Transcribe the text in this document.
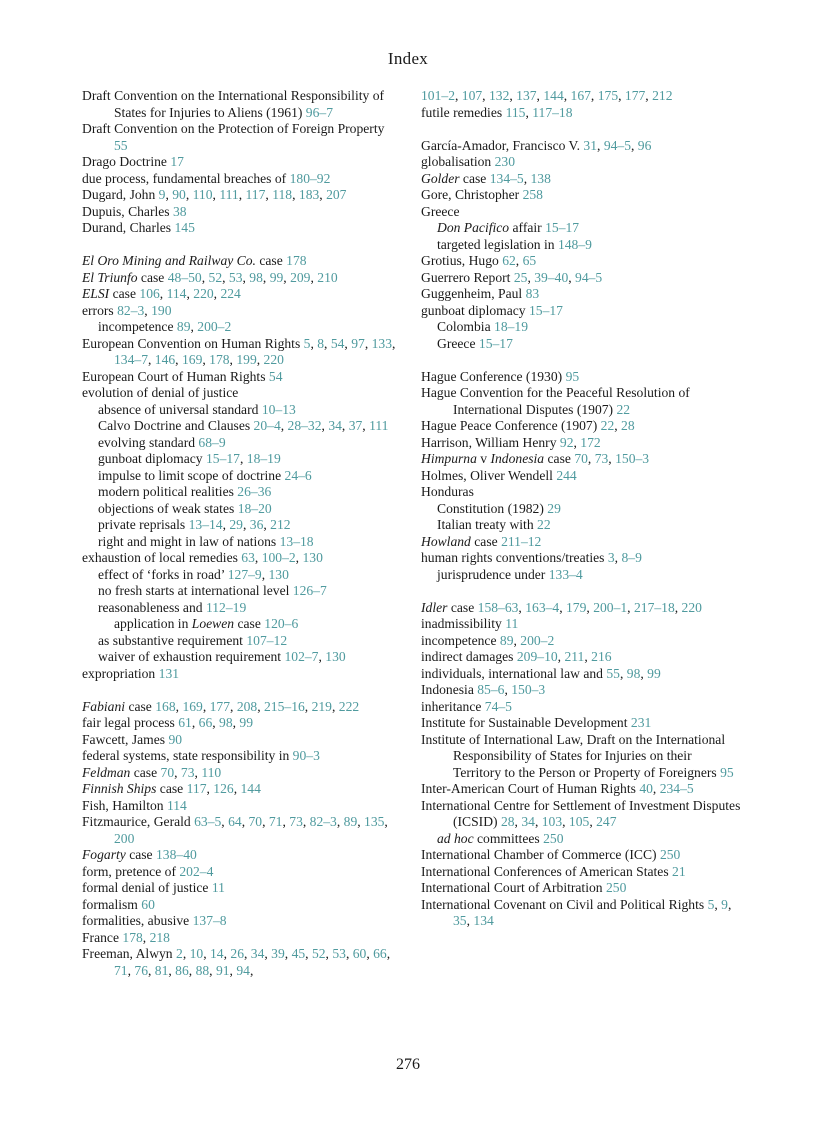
Index
Draft Convention on the International Responsibility of States for Injuries to Aliens (1961) 96–7
Draft Convention on the Protection of Foreign Property 55
Drago Doctrine 17
due process, fundamental breaches of 180–92
Dugard, John 9, 90, 110, 111, 117, 118, 183, 207
Dupuis, Charles 38
Durand, Charles 145
El Oro Mining and Railway Co. case 178
El Triunfo case 48–50, 52, 53, 98, 99, 209, 210
ELSI case 106, 114, 220, 224
errors 82–3, 190
incompetence 89, 200–2
European Convention on Human Rights 5, 8, 54, 97, 133, 134–7, 146, 169, 178, 199, 220
European Court of Human Rights 54
evolution of denial of justice
absence of universal standard 10–13
Calvo Doctrine and Clauses 20–4, 28–32, 34, 37, 111
evolving standard 68–9
gunboat diplomacy 15–17, 18–19
impulse to limit scope of doctrine 24–6
modern political realities 26–36
objections of weak states 18–20
private reprisals 13–14, 29, 36, 212
right and might in law of nations 13–18
exhaustion of local remedies 63, 100–2, 130
effect of ‘forks in road’ 127–9, 130
no fresh starts at international level 126–7
reasonableness and 112–19
application in Loewen case 120–6
as substantive requirement 107–12
waiver of exhaustion requirement 102–7, 130
expropriation 131
Fabiani case 168, 169, 177, 208, 215–16, 219, 222
fair legal process 61, 66, 98, 99
Fawcett, James 90
federal systems, state responsibility in 90–3
Feldman case 70, 73, 110
Finnish Ships case 117, 126, 144
Fish, Hamilton 114
Fitzmaurice, Gerald 63–5, 64, 70, 71, 73, 82–3, 89, 135, 200
Fogarty case 138–40
form, pretence of 202–4
formal denial of justice 11
formalism 60
formalities, abusive 137–8
France 178, 218
Freeman, Alwyn 2, 10, 14, 26, 34, 39, 45, 52, 53, 60, 66, 71, 76, 81, 86, 88, 91, 94,
101–2, 107, 132, 137, 144, 167, 175, 177, 212
futile remedies 115, 117–18
García-Amador, Francisco V. 31, 94–5, 96
globalisation 230
Golder case 134–5, 138
Gore, Christopher 258
Greece
Don Pacifico affair 15–17
targeted legislation in 148–9
Grotius, Hugo 62, 65
Guerrero Report 25, 39–40, 94–5
Guggenheim, Paul 83
gunboat diplomacy 15–17
Colombia 18–19
Greece 15–17
Hague Conference (1930) 95
Hague Convention for the Peaceful Resolution of International Disputes (1907) 22
Hague Peace Conference (1907) 22, 28
Harrison, William Henry 92, 172
Himpurna v Indonesia case 70, 73, 150–3
Holmes, Oliver Wendell 244
Honduras
Constitution (1982) 29
Italian treaty with 22
Howland case 211–12
human rights conventions/treaties 3, 8–9
jurisprudence under 133–4
Idler case 158–63, 163–4, 179, 200–1, 217–18, 220
inadmissibility 11
incompetence 89, 200–2
indirect damages 209–10, 211, 216
individuals, international law and 55, 98, 99
Indonesia 85–6, 150–3
inheritance 74–5
Institute for Sustainable Development 231
Institute of International Law, Draft on the International Responsibility of States for Injuries on their Territory to the Person or Property of Foreigners 95
Inter-American Court of Human Rights 40, 234–5
International Centre for Settlement of Investment Disputes (ICSID) 28, 34, 103, 105, 247
ad hoc committees 250
International Chamber of Commerce (ICC) 250
International Conferences of American States 21
International Court of Arbitration 250
International Covenant on Civil and Political Rights 5, 9, 35, 134
276
